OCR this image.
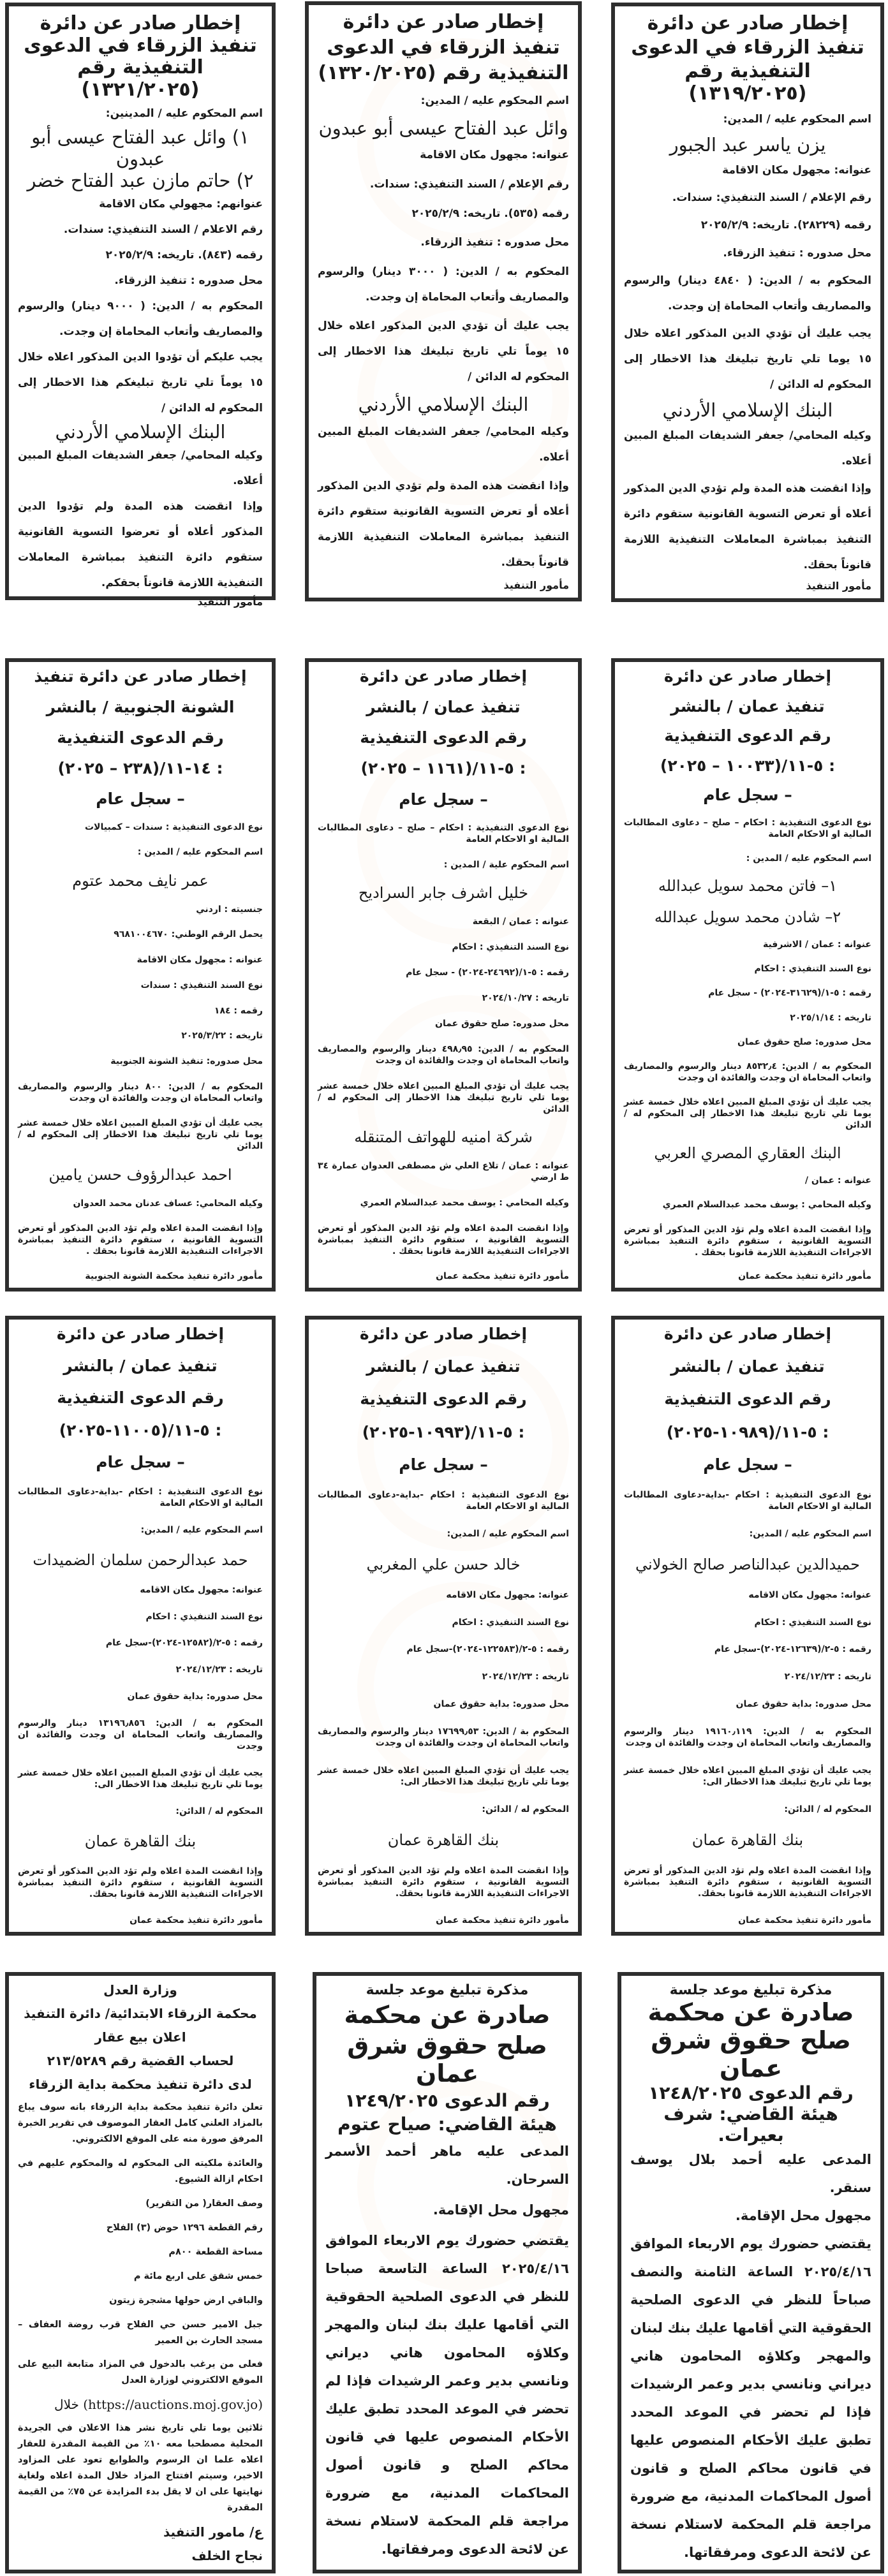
إخطار صادر عن دائرة

تنفيذ الزرقاء في الدعوى

التنفيذية رقم (١٣١٩/٢٠٢٥)

اسم المحكوم عليه / المدين:

يزن ياسر عبد الجبور

عنوانه: مجهول مكان الاقامة

رقم الإعلام / السند التنفيذي: سندات.

رقمه (٢٨٢٢٩). تاريخه: ٢٠٢٥/٢/٩

محل صدوره : تنفيذ الزرقاء.

المحكوم به / الدين: ( ٤٨٤٠ دينار) والرسوم والمصاريف وأتعاب المحاماة إن وجدت.

يجب عليك أن تؤدي الدين المذكور اعلاه خلال ١٥ يوما تلي تاريخ تبليغك هذا الاخطار إلى المحكوم له الدائن /

البنك الإسلامي الأردني

وكيله المحامي/ جعفر الشديفات المبلغ المبين أعلاه.

وإذا انقضت هذه المدة ولم تؤدي الدين المذكور أعلاه أو تعرض التسوية القانونية ستقوم دائرة التنفيذ بمباشرة المعاملات التنفيذية اللازمة قانوناً بحقك.

مأمور التنفيذ

إخطار صادر عن دائرة

تنفيذ الزرقاء في الدعوى

التنفيذية رقم (١٣٢٠/٢٠٢٥)

اسم المحكوم عليه / المدين:

وائل عبد الفتاح عيسى أبو عبدون

عنوانه: مجهول مكان الاقامة

رقم الإعلام / السند التنفيذي: سندات.

رقمه (٥٣٥). تاريخه: ٢٠٢٥/٢/٩

محل صدوره : تنفيذ الزرقاء.

المحكوم به / الدين: ( ٣٠٠٠ دينار) والرسوم والمصاريف وأتعاب المحاماة إن وجدت.

يجب عليك أن تؤدي الدين المذكور اعلاه خلال ١٥ يوماً تلي تاريخ تبليغك هذا الاخطار إلى المحكوم له الدائن /

البنك الإسلامي الأردني

وكيله المحامي/ جعفر الشديفات المبلغ المبين أعلاه.

وإذا انقضت هذه المدة ولم تؤدي الدين المذكور أعلاه أو تعرض التسوية القانونية ستقوم دائرة التنفيذ بمباشرة المعاملات التنفيذية اللازمة قانوناً بحقك.

مأمور التنفيذ

إخطار صادر عن دائرة

تنفيذ الزرقاء في الدعوى

التنفيذية رقم (١٣٢١/٢٠٢٥)

اسم المحكوم عليه / المدينين:

١) وائل عبد الفتاح عيسى أبو عبدون

٢) حاتم مازن عبد الفتاح خضر

عنوانهم: مجهولي مكان الاقامة

رقم الاعلام / السند التنفيذي: سندات.

رقمه (٨٤٣). تاريخه: ٢٠٢٥/٢/٩

محل صدوره : تنفيذ الزرقاء.

المحكوم به / الدين: ( ٩٠٠٠ دينار) والرسوم والمصاريف وأتعاب المحاماة إن وجدت.

يجب عليكم أن تؤدوا الدين المذكور اعلاه خلال ١٥ يوماً تلي تاريخ تبليغكم هذا الاخطار إلى المحكوم له الدائن /

البنك الإسلامي الأردني

وكيله المحامي/ جعفر الشديفات المبلغ المبين أعلاه.

وإذا انقضت هذه المدة ولم تؤدوا الدين المذكور أعلاه أو تعرضوا التسوية القانونية ستقوم دائرة التنفيذ بمباشرة المعاملات التنفيذية اللازمة قانوناً بحقكم.

مأمور التنفيذ

إخطار صادر عن دائرة

تنفيذ عمان / بالنشر

رقم الدعوى التنفيذية

: ٥-١١/(١٠٠٣٣ – ٢٠٢٥)

– سجل عام

نوع الدعوى التنفيذية : احكام – صلح – دعاوى المطالبات المالية او الاحكام العامة

اسم المحكوم عليه / المدين :

١– فاتن محمد سويل عبدالله

٢– شادن محمد سويل عبدالله

عنوانه : عمان / الاشرفية

نوع السند التنفيذي : احكام

رقمه : ٥-١/(٣١٦٢٩-٢٠٢٤) - سجل عام

تاريخه : ٢٠٢٥/١/١٤

محل صدوره: صلح حقوق عمان

المحكوم به / الدين: ٨٥٣٢٫٤ دينار والرسوم والمصاريف واتعاب المحاماة ان وجدت والفائدة ان وجدت

يجب عليك أن تؤدي المبلغ المبين اعلاه خلال خمسة عشر يوما تلي تاريخ تبليغك هذا الاخطار إلى المحكوم له / الدائن

البنك العقاري المصري العربي

عنوانه : عمان /

وكيله المحامي : يوسف محمد عبدالسلام العمري

وإذا انقضت المدة اعلاه ولم تؤد الدين المذكور أو تعرض التسوية القانونية ، ستقوم دائرة التنفيذ بمباشرة الاجراءات التنفيذية اللازمة قانونا بحقك .

مأمور دائرة تنفيذ محكمة عمان

إخطار صادر عن دائرة

تنفيذ عمان / بالنشر

رقم الدعوى التنفيذية

: ٥-١١/(١١٦١ – ٢٠٢٥)

– سجل عام

نوع الدعوى التنفيذية : احكام – صلح – دعاوى المطالبات المالية او الاحكام العامة

اسم المحكوم علية / المدين :

خليل اشرف جابر السراديح

عنوانه : عمان / البقعة

نوع السند التنفيذي : احكام

رقمه : ٥-١/(٢٤٦٩٢-٢٠٢٤) - سجل عام

تاريخه : ٢٠٢٤/١٠/٢٧

محل صدوره: صلح حقوق عمان

المحكوم به / الدين: ٤٩٨٫٩٥ دينار والرسوم والمصاريف واتعاب المحاماة ان وجدت والفائدة ان وجدت

يجب عليك أن تؤدي المبلغ المبين اعلاه خلال خمسة عشر يوما تلي تاريخ تبليغك هذا الاخطار إلى المحكوم له / الدائن

شركة امنيه للهواتف المتنقله

عنوانه : عمان / تلاع العلي ش مصطفى العدوان عمارة ٣٤ ط ارضي

وكيله المحامي : يوسف محمد عبدالسلام العمري

وإذا انقضت المدة اعلاه ولم تؤد الدين المذكور أو تعرض التسوية القانونية ، ستقوم دائرة التنفيذ بمباشرة الاجراءات التنفيذية اللازمة قانونا بحقك .

مأمور دائرة تنفيذ محكمة عمان

إخطار صادر عن دائرة تنفيذ

الشونة الجنوبية / بالنشر

رقم الدعوى التنفيذية

: ١٤-١١/(٢٣٨ – ٢٠٢٥)

– سجل عام

نوع الدعوى التنفيذية : سندات – كمبيالات

اسم المحكوم عليه / المدين :

عمر نايف محمد عتوم

جنسيته : اردني

يحمل الرقم الوطني: ٩٦٨١٠٠٤٦٧٠

عنوانه : مجهول مكان الاقامة

نوع السند التنفيذي : سندات

رقمه : ١٨٤

تاريخه : ٢٠٢٥/٣/٢٢

محل صدوره: تنفيذ الشونة الجنوبية

المحكوم به / الدين: ٨٠٠ دينار والرسوم والمصاريف واتعاب المحاماة ان وجدت والفائدة ان وجدت

يجب عليك أن تؤدي المبلغ المبين اعلاه خلال خمسة عشر يوما تلي تاريخ تبليغك هذا الاخطار إلى المحكوم له / الدائن

احمد عبدالرؤوف حسن يامين

وكيله المحامي: عساف عدنان محمد العدوان

وإذا انقضت المدة اعلاه ولم تؤد الدين المذكور أو تعرض التسوية القانونية ، ستقوم دائرة التنفيذ بمباشرة الاجراءات التنفيذية اللازمة قانونا بحقك .

مأمور دائرة تنفيذ محكمة الشونة الجنوبية

إخطار صادر عن دائرة

تنفيذ عمان / بالنشر

رقم الدعوى التنفيذية

: ٥-١١/(١٠٩٨٩-٢٠٢٥)

– سجل عام

نوع الدعوى التنفيذية : احكام -بداية-دعاوى المطالبات المالية او الاحكام العامة

اسم المحكوم عليه / المدين:

حميدالدين عبدالناصر صالح الخولاني

عنوانه: مجهول مكان الاقامه

نوع السند التنفيذي : احكام

رقمه : ٥-٢/(١٢٦٣٩-٢٠٢٤)-سجل عام

تاريخه : ٢٠٢٤/١٢/٢٣

محل صدوره: بداية حقوق عمان

المحكوم به / الدين: ١٩١٦٠٫١١٩ دينار والرسوم والمصاريف واتعاب المحاماة ان وجدت والفائدة ان وجدت

يجب عليك أن تؤدي المبلغ المبين اعلاه خلال خمسة عشر يوما تلي تاريخ تبليغك هذا الاخطار الى:

المحكوم له / الدائن:

بنك القاهرة عمان

وإذا انقضت المدة اعلاه ولم تؤد الدين المذكور أو تعرض التسوية القانونية ، ستقوم دائرة التنفيذ بمباشرة الاجراءات التنفيذية اللازمة قانونا بحقك.

مأمور دائرة تنفيذ محكمة عمان

إخطار صادر عن دائرة

تنفيذ عمان / بالنشر

رقم الدعوى التنفيذية

: ٥-١١/(١٠٩٩٣-٢٠٢٥)

– سجل عام

نوع الدعوى التنفيذية : احكام -بداية-دعاوى المطالبات المالية او الاحكام العامة

اسم المحكوم عليه / المدين:

خالد حسن علي المغربي

عنوانه: مجهول مكان الاقامه

نوع السند التنفيذي : احكام

رقمه : ٥-٢/(١٢٢٥٨٣-٢٠٢٤)-سجل عام

تاريخه : ٢٠٢٤/١٢/٢٣

محل صدوره: بداية حقوق عمان

المحكوم بة / الدين: ١٧٦٩٩٫٥٣ دينار والرسوم والمصاريف واتعاب المحاماة ان وجدت والفائدة ان وجدت

يجب عليك أن تؤدي المبلغ المبين اعلاه خلال خمسة عشر يوما تلي تاريخ تبليغك هذا الاخطار الى:

المحكوم له / الدائن:

بنك القاهرة عمان

وإذا انقضت المدة اعلاه ولم تؤد الدين المذكور أو تعرض التسوية القانونية ، ستقوم دائرة التنفيذ بمباشرة الاجراءات التنفيذية اللازمة قانونا بحقك.

مأمور دائرة تنفيذ محكمة عمان

إخطار صادر عن دائرة

تنفيذ عمان / بالنشر

رقم الدعوى التنفيذية

: ٥-١١/(١١٠٠٥-٢٠٢٥)

– سجل عام

نوع الدعوى التنفيذية : احكام -بداية-دعاوى المطالبات المالية او الاحكام العامة

اسم المحكوم عليه / المدين:

حمد عبدالرحمن سلمان الضميدات

عنوانه: مجهول مكان الاقامه

نوع السند التنفيذي : احكام

رقمه : ٥-٢/(١٢٥٨٢-٢٠٢٤)-سجل عام

تاريخه : ٢٠٢٤/١٢/٢٣

محل صدوره: بداية حقوق عمان

المحكوم به / الدين: ١٣١٩٦٫٨٥٦ دينار والرسوم والمصاريف واتعاب المحاماة ان وجدت والفائدة ان وجدت

يجب عليك أن تؤدي المبلغ المبين اعلاه خلال خمسة عشر يوما تلي تاريخ تبليغك هذا الاخطار الى:

المحكوم له / الدائن:

بنك القاهرة عمان

وإذا انقضت المدة اعلاه ولم تؤد الدين المذكور أو تعرض التسوية القانونية ، ستقوم دائرة التنفيذ بمباشرة الاجراءات التنفيذية اللازمة قانونا بحقك.

مأمور دائرة تنفيذ محكمة عمان

مذكرة تبليغ موعد جلسة

صادرة عن محكمة

صلح حقوق شرق عمان

رقم الدعوى ١٢٤٨/٢٠٢٥

هيئة القاضي: شرف بعيرات.

المدعى عليه أحمد بلال يوسف سنقر.

مجهول محل الإقامة.

يقتضي حضورك يوم الاربعاء الموافق ٢٠٢٥/٤/١٦ الساعة الثامنة والنصف صباحاً للنظر في الدعوى الصلحية الحقوقية التي أقامها عليك بنك لبنان والمهجر وكلاؤه المحامون هاني ديراني ونانسي بدير وعمر الرشيدات فإذا لم تحضر في الموعد المحدد تطبق عليك الأحكام المنصوص عليها في قانون محاكم الصلح و قانون أصول المحاكمات المدنية، مع ضرورة مراجعة قلم المحكمة لاستلام نسخة عن لائحة الدعوى ومرفقاتها.

مذكرة تبليغ موعد جلسة

صادرة عن محكمة

صلح حقوق شرق عمان

رقم الدعوى ١٢٤٩/٢٠٢٥

هيئة القاضي: صياح عتوم

المدعى عليه ماهر أحمد الأسمر السرحان.

مجهول محل الإقامة.

يقتضي حضورك يوم الاربعاء الموافق ٢٠٢٥/٤/١٦ الساعة التاسعة صباحا للنظر في الدعوى الصلحية الحقوقية التي أقامها عليك بنك لبنان والمهجر وكلاؤه المحامون هاني ديراني ونانسي بدير وعمر الرشيدات فإذا لم تحضر في الموعد المحدد تطبق عليك الأحكام المنصوص عليها في قانون محاكم الصلح و قانون أصول المحاكمات المدنية، مع ضرورة مراجعة قلم المحكمة لاستلام نسخة عن لائحة الدعوى ومرفقاتها.

وزارة العدل

محكمة الزرقاء الابتدائية/ دائرة التنفيذ

اعلان بيع عقار

لحساب القضية رقم ٢١٣/٥٢٨٩

لدى دائرة تنفيذ محكمة بداية الزرقاء

تعلن دائرة تنفيذ محكمة بداية الزرقاء بانه سوف يباع بالمزاد العلني كامل العقار الموصوف في تقرير الخبرة المرفق صورة منه على الموقع الالكتروني.

والعائدة ملكيته الى المحكوم له والمحكوم عليهم في احكام ازالة الشيوع.

وصف العقار( من التقرير)

رقم القطعة ١٢٩٦ حوض (٣) الفلاح

مساحة القطعة ٨٠٠م

خمس شقق على اربع مائة م

والباقي ارض حولها مشجرة زيتون

جبل الامير حسن حي الفلاح قرب روضة العفاف – مسجد الحارث بن العمير

فعلى من يرغب بالدخول في المزاد متابعة البيع على الموقع الالكتروني لوزارة العدل

(https://auctions.moj.gov.jo) خلال

ثلاثين يوما تلي تاريخ نشر هذا الاعلان في الجريدة المحلية مصطحبا معه ١٠٪ من القيمة المقدرة للعقار اعلاه علما ان الرسوم والطوابع تعود على المزاود الاخير، وسيتم افتتاح المزاد خلال المدة اعلاه ولغاية نهايتها على ان لا يقل بدء المزايدة عن ٧٥٪ من القيمة المقدرة

ع/ مامور التنفيذ

نجاح الخلف
